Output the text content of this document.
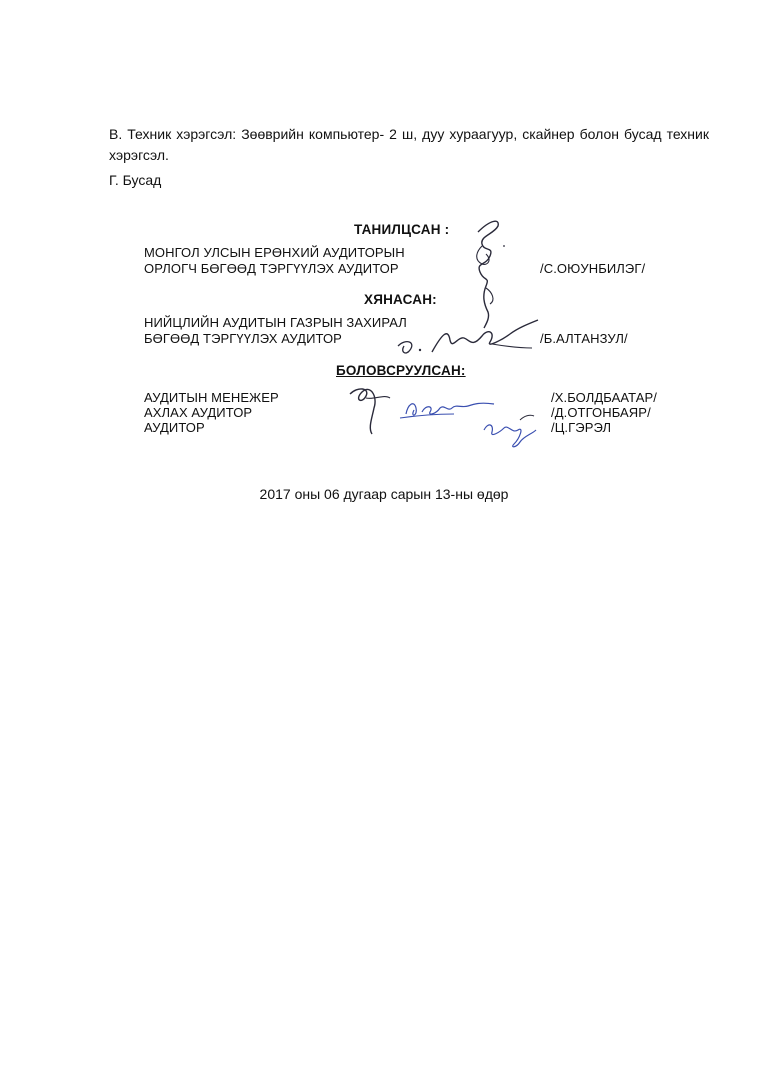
В. Техник хэрэгсэл: Зөөврийн компьютер- 2 ш, дуу хураагуур, скайнер болон бусад техник хэрэгсэл.
Г. Бусад
ТАНИЛЦСАН :
МОНГОЛ УЛСЫН ЕРӨНХИЙ АУДИТОРЫН
ОРЛОГЧ БӨГӨӨД ТЭРГҮҮЛЭХ АУДИТОР	/С.ОЮУНБИЛЭГ/
ХЯНАСАН:
НИЙЦЛИЙН АУДИТЫН ГАЗРЫН ЗАХИРАЛ
БӨГӨӨД ТЭРГҮҮЛЭХ АУДИТОР	/Б.АЛТАНЗУЛ/
БОЛОВСРУУЛСАН:
АУДИТЫН МЕНЕЖЕР	/Х.БОЛДБААТАР/
АХЛАХ АУДИТОР	/Д.ОТГОНБАЯР/
АУДИТОР	/Ц.ГЭРЭЛ
2017 оны 06 дугаар сарын 13-ны өдөр
